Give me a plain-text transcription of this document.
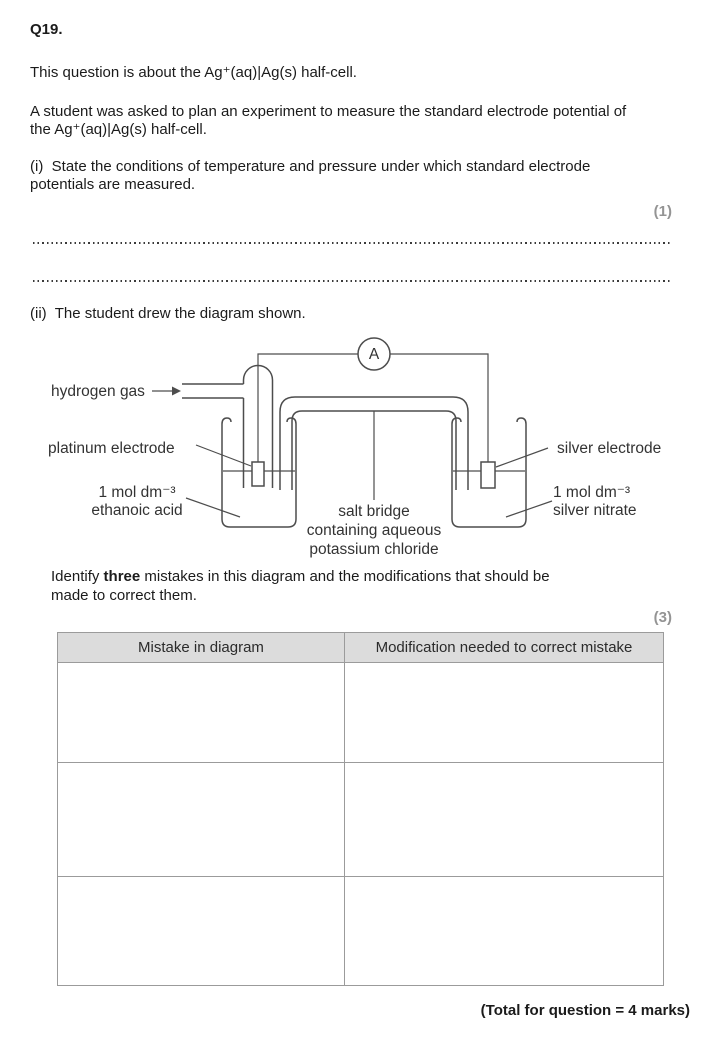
Q19.
This question is about the Ag⁺(aq)|Ag(s) half-cell.
A student was asked to plan an experiment to measure the standard electrode potential of
the Ag⁺(aq)|Ag(s) half-cell.
(i)  State the conditions of temperature and pressure under which standard electrode
potentials are measured.
(1)
(ii)  The student drew the diagram shown.
A
hydrogen gas
platinum electrode	silver electrode
1 mol dm⁻³
ethanoic acid
1 mol dm⁻³
silver nitrate
salt bridge
containing aqueous
potassium chloride
Identify three mistakes in this diagram and the modifications that should be
made to correct them.
(3)
Mistake in diagram	Modification needed to correct mistake

(Total for question = 4 marks)
